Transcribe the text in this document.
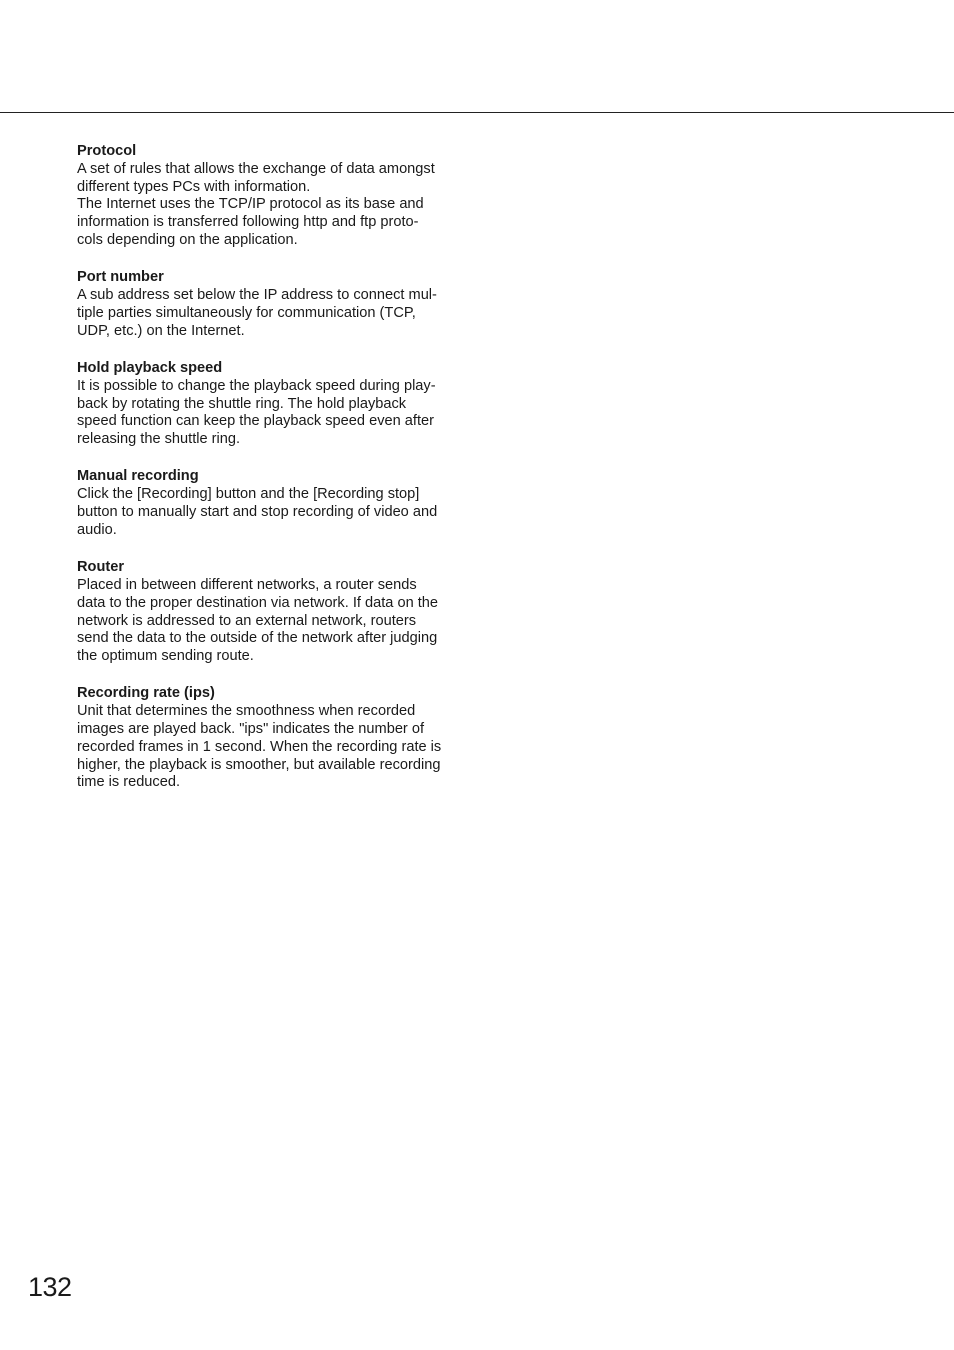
Protocol

A set of rules that allows the exchange of data amongst

different types PCs with information.

The Internet uses the TCP/IP protocol as its base and

information is transferred following http and ftp proto-

cols depending on the application.

Port number

A sub address set below the IP address to connect mul-

tiple parties simultaneously for communication (TCP,

UDP, etc.) on the Internet.

Hold playback speed

It is possible to change the playback speed during play-

back by rotating the shuttle ring. The hold playback

speed function can keep the playback speed even after

releasing the shuttle ring.

Manual recording

Click the [Recording] button and the [Recording stop]

button to manually start and stop recording of video and

audio.

Router

Placed in between different networks, a router sends

data to the proper destination via network. If data on the

network is addressed to an external network, routers

send the data to the outside of the network after judging

the optimum sending route.

Recording rate (ips)

Unit that determines the smoothness when recorded

images are played back. "ips" indicates the number of

recorded frames in 1 second. When the recording rate is

higher, the playback is smoother, but available recording

time is reduced.

132
